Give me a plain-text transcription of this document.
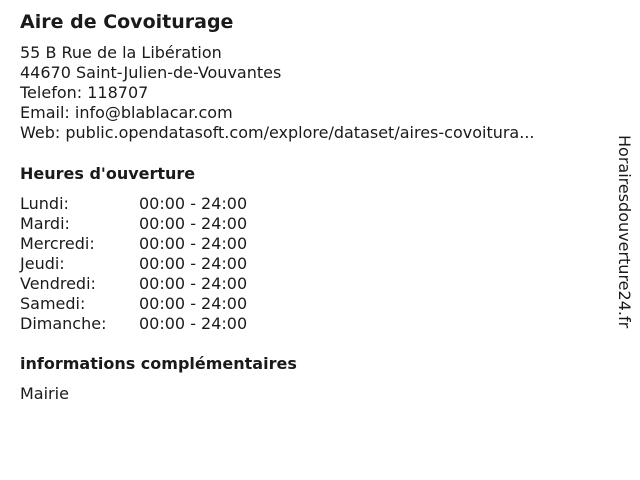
Aire de Covoiturage
55 B Rue de la Libération
44670 Saint-Julien-de-Vouvantes
Telefon: 118707
Email: info@blablacar.com
Web: public.opendatasoft.com/explore/dataset/aires-covoitura...
Heures d'ouverture
Lundi:	00:00 - 24:00
Mardi:	00:00 - 24:00
Mercredi:	00:00 - 24:00
Jeudi:	00:00 - 24:00
Vendredi:	00:00 - 24:00
Samedi:	00:00 - 24:00
Dimanche: 00:00 - 24:00
informations complémentaires
Mairie
Horairesdouverture24.fr
